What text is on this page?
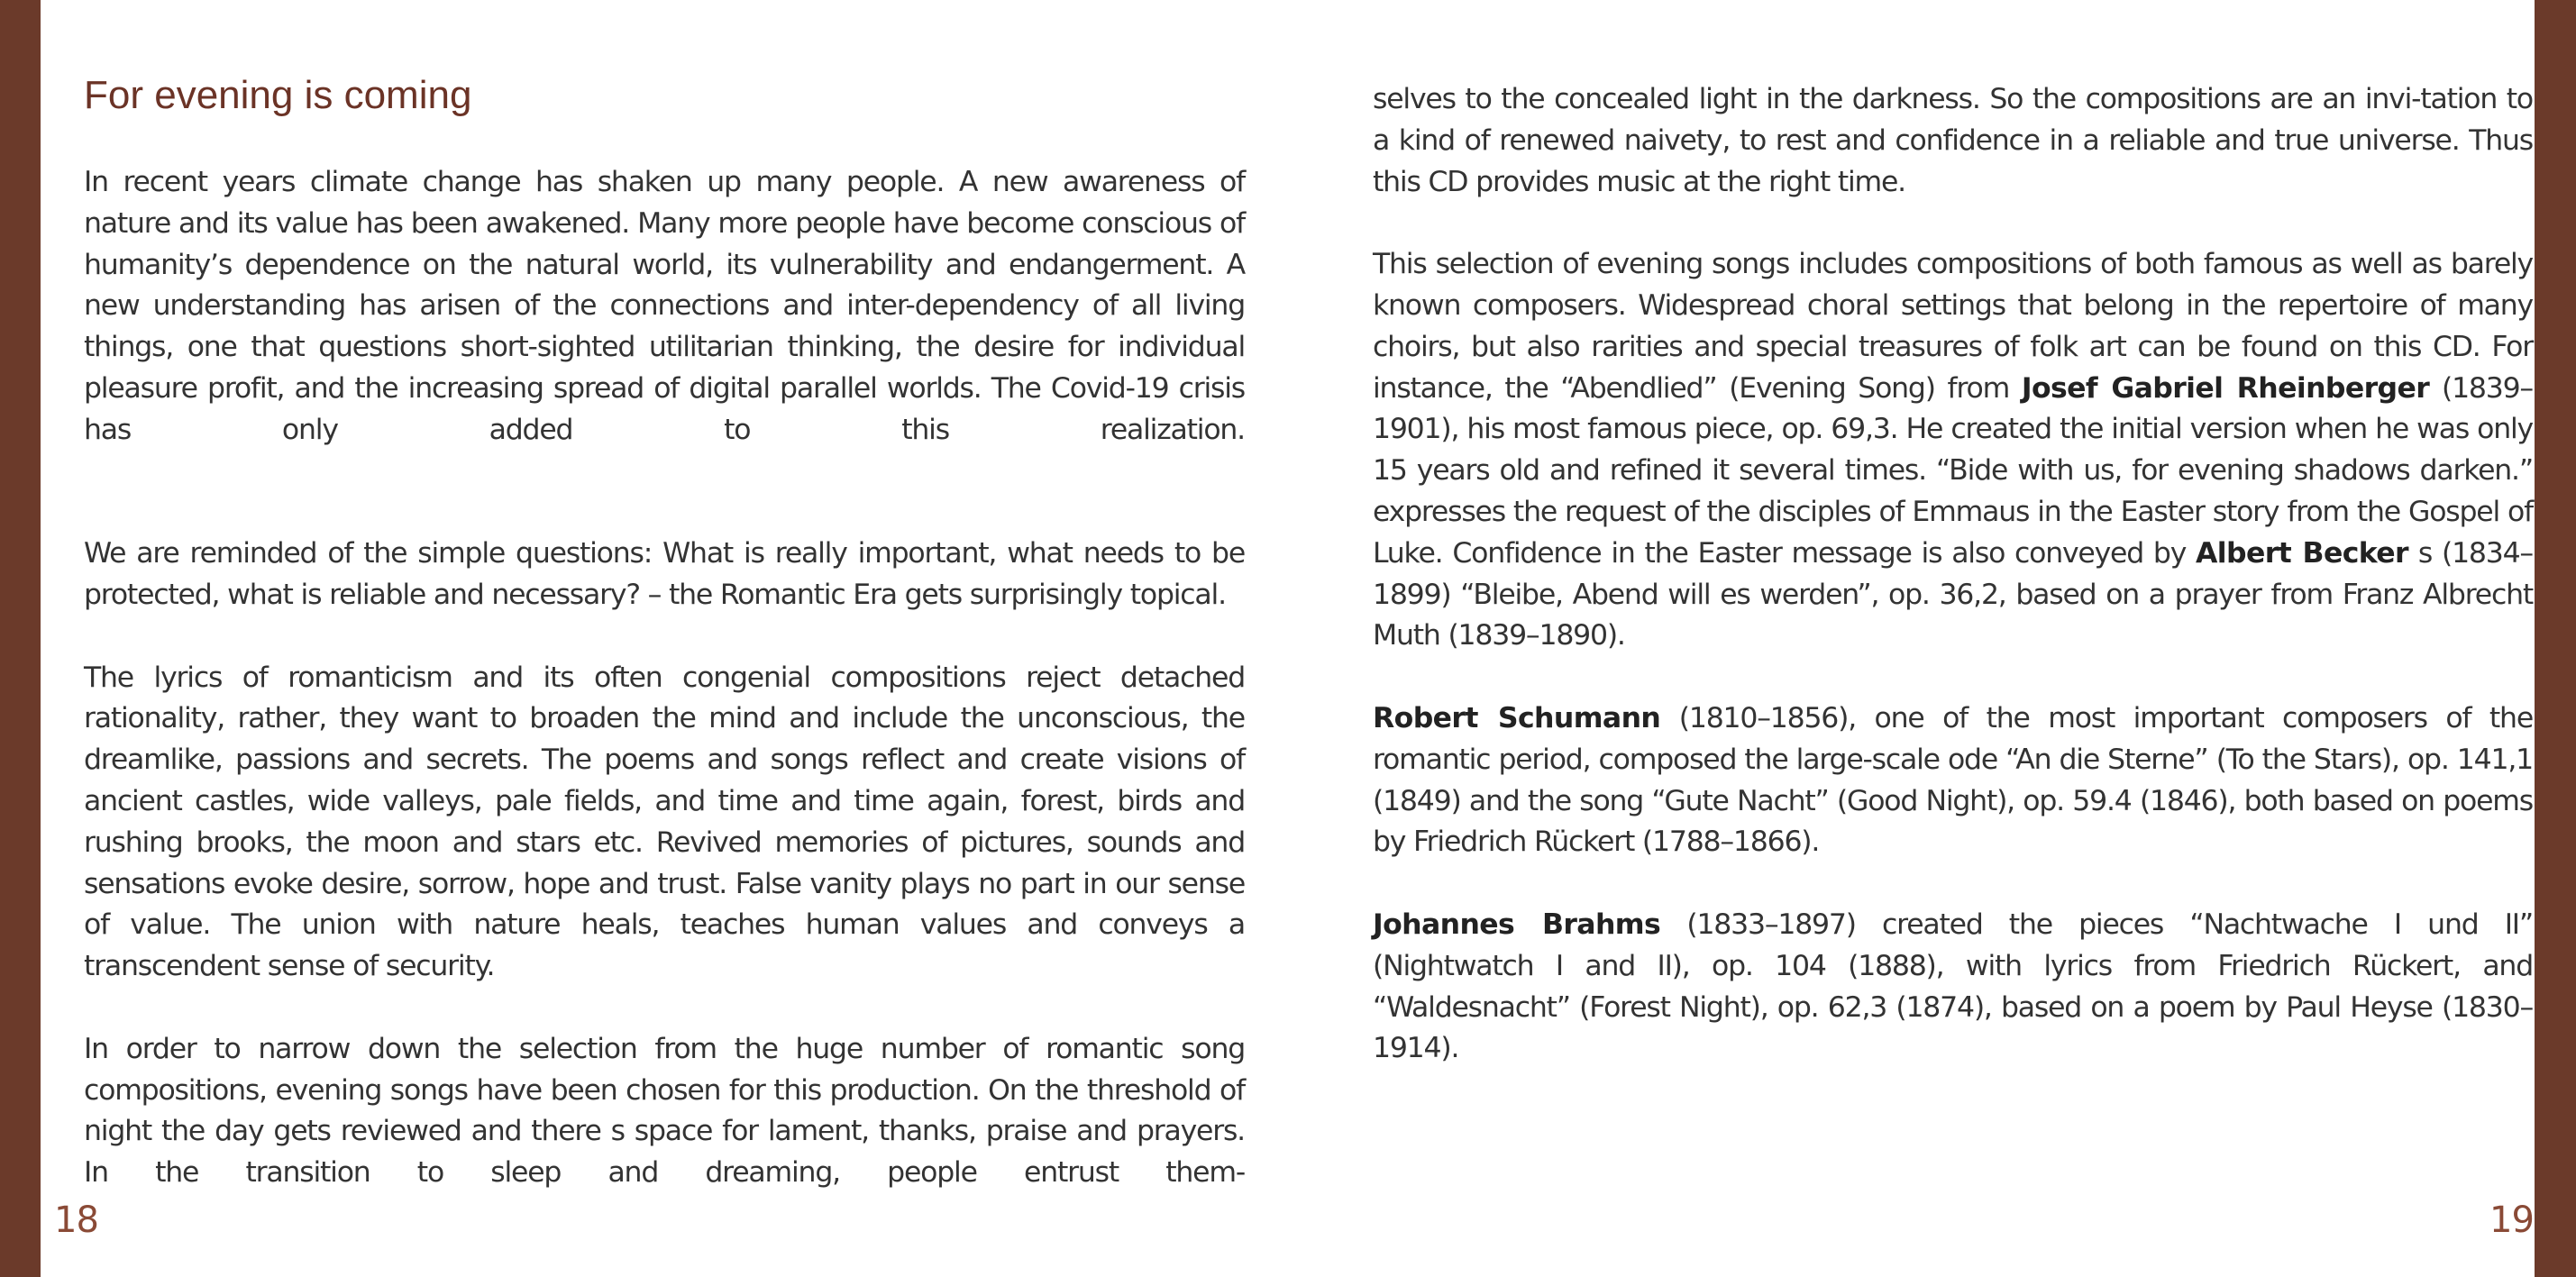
For evening is coming

In recent years climate change has shaken up many people. A new awareness of nature and its value has been awakened. Many more people have become conscious of humanity’s dependence on the natural world, its vulnerability and endangerment. A new understanding has arisen of the connections and inter-dependency of all living things, one that questions short-sighted utilitarian thinking, the desire for individual pleasure profit, and the increasing spread of digital parallel worlds. The Covid-19 crisis has only added to this realization.

We are reminded of the simple questions: What is really important, what needs to be protected, what is reliable and necessary? – the Romantic Era gets surprisingly topical.

The lyrics of romanticism and its often congenial compositions reject detached rationality, rather, they want to broaden the mind and include the unconscious, the dreamlike, passions and secrets. The poems and songs reflect and create visions of ancient castles, wide valleys, pale fields, and time and time again, forest, birds and rushing brooks, the moon and stars etc. Revived memories of pictures, sounds and sensations evoke desire, sorrow, hope and trust. False vanity plays no part in our sense of value. The union with nature heals, teaches human values and conveys a transcendent sense of security.

In order to narrow down the selection from the huge number of romantic song compositions, evening songs have been chosen for this production. On the threshold of night the day gets reviewed and there s space for lament, thanks, praise and prayers. In the transition to sleep and dreaming, people entrust them-

18	19

selves to the concealed light in the darkness. So the compositions are an invi-tation to a kind of renewed naivety, to rest and confidence in a reliable and true universe. Thus this CD provides music at the right time.

This selection of evening songs includes compositions of both famous as well as barely known composers. Widespread choral settings that belong in the repertoire of many choirs, but also rarities and special treasures of folk art can be found on this CD. For instance, the “Abendlied” (Evening Song) from Josef Gabriel Rheinberger (1839–1901), his most famous piece, op. 69,3. He created the initial version when he was only 15 years old and refined it several times. “Bide with us, for evening shadows darken.” expresses the request of the disciples of Emmaus in the Easter story from the Gospel of Luke. Confidence in the Easter message is also conveyed by Albert Becker s (1834–1899) “Bleibe, Abend will es werden”, op. 36,2, based on a prayer from Franz Albrecht Muth (1839–1890).

Robert Schumann (1810–1856), one of the most important composers of the romantic period, composed the large-scale ode “An die Sterne” (To the Stars), op. 141,1 (1849) and the song “Gute Nacht” (Good Night), op. 59.4 (1846), both based on poems by Friedrich Rückert (1788–1866).

Johannes Brahms (1833–1897) created the pieces “Nachtwache I und II” (Nightwatch I and II), op. 104 (1888), with lyrics from Friedrich Rückert, and “Waldesnacht” (Forest Night), op. 62,3 (1874), based on a poem by Paul Heyse (1830–1914).
